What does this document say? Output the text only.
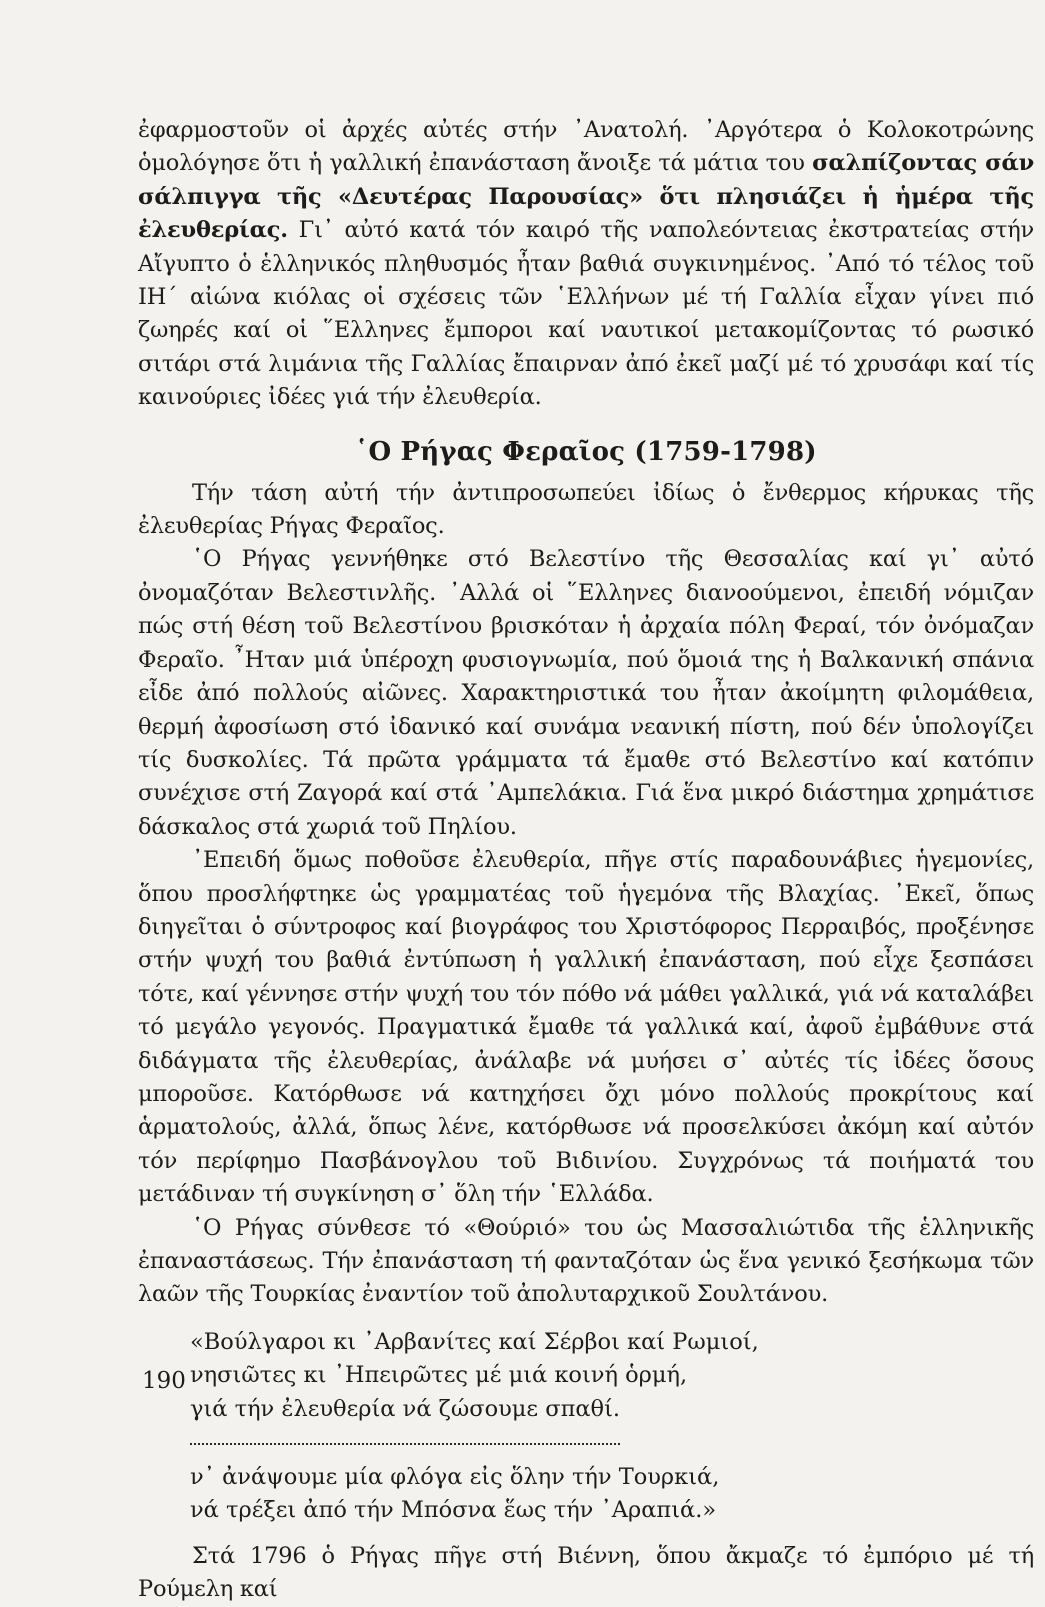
ἐφαρμοστοῦν οἱ ἀρχές αὐτές στήν ᾿Ανατολή. ᾿Αργότερα ὁ Κολοκοτρώνης ὁμολόγησε ὅτι ἡ γαλλική ἐπανάσταση ἄνοιξε τά μάτια του σαλπίζοντας σάν σάλπιγγα τῆς «Δευτέρας Παρουσίας» ὅτι πλησιάζει ἡ ἡμέρα τῆς ἐλευθερίας. Γι᾿ αὐτό κατά τόν καιρό τῆς ναπολεόντειας ἐκστρατείας στήν Αἴγυπτο ὁ ἑλληνικός πληθυσμός ἦταν βαθιά συγκινημένος. ᾿Από τό τέλος τοῦ ΙΗ΄ αἰώνα κιόλας οἱ σχέσεις τῶν ῾Ελλήνων μέ τή Γαλλία εἶχαν γίνει πιό ζωηρές καί οἱ ῞Ελληνες ἔμποροι καί ναυτικοί μετακομίζοντας τό ρωσικό σιτάρι στά λιμάνια τῆς Γαλλίας ἔπαιρναν ἀπό ἐκεῖ μαζί μέ τό χρυσάφι καί τίς καινούριες ἰδέες γιά τήν ἐλευθερία.

῾Ο Ρήγας Φεραῖος (1759-1798)

Τήν τάση αὐτή τήν ἀντιπροσωπεύει ἰδίως ὁ ἔνθερμος κήρυκας τῆς ἐλευθερίας Ρήγας Φεραῖος.

῾Ο Ρήγας γεννήθηκε στό Βελεστίνο τῆς Θεσσαλίας καί γι᾿ αὐτό ὀνομαζόταν Βελεστινλῆς. ᾿Αλλά οἱ ῞Ελληνες διανοούμενοι, ἐπειδή νόμιζαν πώς στή θέση τοῦ Βελεστίνου βρισκόταν ἡ ἀρχαία πόλη Φεραί, τόν ὀνόμαζαν Φεραῖο. ῏Ηταν μιά ὑπέροχη φυσιογνωμία, πού ὅμοιά της ἡ Βαλκανική σπάνια εἶδε ἀπό πολλούς αἰῶνες. Χαρακτηριστικά του ἦταν ἀκοίμητη φιλομάθεια, θερμή ἀφοσίωση στό ἰδανικό καί συνάμα νεανική πίστη, πού δέν ὑπολογίζει τίς δυσκολίες. Τά πρῶτα γράμματα τά ἔμαθε στό Βελεστίνο καί κατόπιν συνέχισε στή Ζαγορά καί στά ᾿Αμπελάκια. Γιά ἕνα μικρό διάστημα χρημάτισε δάσκαλος στά χωριά τοῦ Πηλίου.

᾿Επειδή ὅμως ποθοῦσε ἐλευθερία, πῆγε στίς παραδουνάβιες ἡγεμονίες, ὅπου προσλήφτηκε ὡς γραμματέας τοῦ ἡγεμόνα τῆς Βλαχίας. ᾿Εκεῖ, ὅπως διηγεῖται ὁ σύντροφος καί βιογράφος του Χριστόφορος Περραιβός, προξένησε στήν ψυχή του βαθιά ἐντύπωση ἡ γαλλική ἐπανάσταση, πού εἶχε ξεσπάσει τότε, καί γέννησε στήν ψυχή του τόν πόθο νά μάθει γαλλικά, γιά νά καταλάβει τό μεγάλο γεγονός. Πραγματικά ἔμαθε τά γαλλικά καί, ἀφοῦ ἐμβάθυνε στά διδάγματα τῆς ἐλευθερίας, ἀνάλαβε νά μυήσει σ᾿ αὐτές τίς ἰδέες ὅσους μποροῦσε. Κατόρθωσε νά κατηχήσει ὄχι μόνο πολλούς προκρίτους καί ἁρματολούς, ἀλλά, ὅπως λένε, κατόρθωσε νά προσελκύσει ἀκόμη καί αὐτόν τόν περίφημο Πασβάνογλου τοῦ Βιδινίου. Συγχρόνως τά ποιήματά του μετάδιναν τή συγκίνηση σ᾿ ὅλη τήν ῾Ελλάδα.

῾Ο Ρήγας σύνθεσε τό «Θούριό» του ὡς Μασσαλιώτιδα τῆς ἑλληνικῆς ἐπαναστάσεως. Τήν ἐπανάσταση τή φανταζόταν ὡς ἕνα γενικό ξεσήκωμα τῶν λαῶν τῆς Τουρκίας ἐναντίον τοῦ ἀπολυταρχικοῦ Σουλτάνου.

«Βούλγαροι κι ᾿Αρβανίτες καί Σέρβοι καί Ρωμιοί,
νησιῶτες κι ᾿Ηπειρῶτες μέ μιά κοινή ὁρμή,
γιά τήν ἐλευθερία νά ζώσουμε σπαθί.
ν᾿ ἀνάψουμε μία φλόγα εἰς ὅλην τήν Τουρκιά,
νά τρέξει ἀπό τήν Μπόσνα ἕως τήν ᾿Αραπιά.»

Στά 1796 ὁ Ρήγας πῆγε στή Βιέννη, ὅπου ἄκμαζε τό ἐμπόριο μέ τή Ρούμελη καί

190
